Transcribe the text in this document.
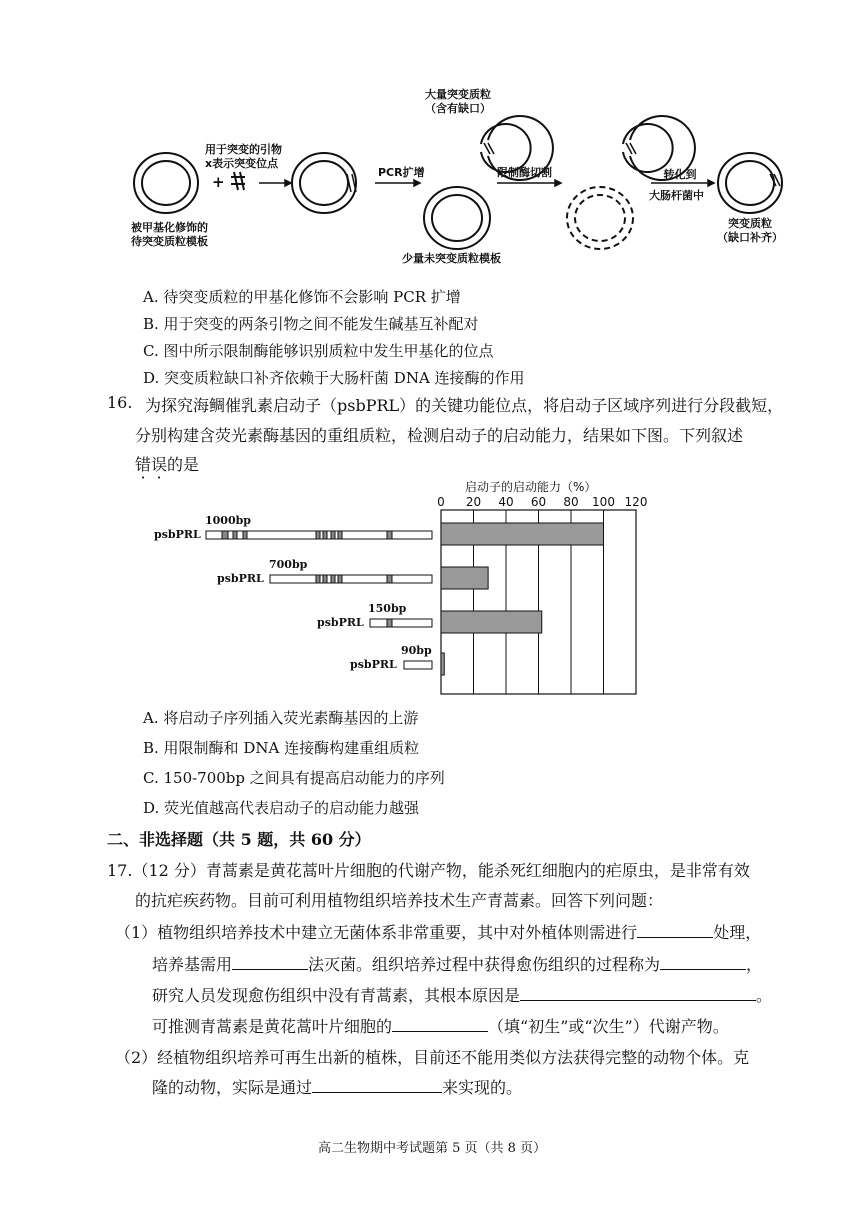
用于突变的引物
x表示突变位点
+
被甲基化修饰的
待突变质粒模板
PCR扩增
大量突变质粒
（含有缺口）
少量未突变质粒模板
限制酶切割	转化到
大肠杆菌中
突变质粒
（缺口补齐）
A. 待突变质粒的甲基化修饰不会影响 PCR 扩增
B. 用于突变的两条引物之间不能发生碱基互补配对
C. 图中所示限制酶能够识别质粒中发生甲基化的位点
D. 突变质粒缺口补齐依赖于大肠杆菌 DNA 连接酶的作用
16. 为探究海鲷催乳素启动子（psbPRL）的关键功能位点，将启动子区域序列进行分段截短，
分别构建含荧光素酶基因的重组质粒，检测启动子的启动能力，结果如下图。下列叙述
错误的是
启动子的启动能力（%）
0 20 40 60 80 100 120
1000bp
700bp
150bp
90bp
psbPRL
psbPRL
psbPRL
psbPRL
A. 将启动子序列插入荧光素酶基因的上游
B. 用限制酶和 DNA 连接酶构建重组质粒
C. 150-700bp 之间具有提高启动能力的序列
D. 荧光值越高代表启动子的启动能力越强
二、非选择题（共 5 题，共 60 分）
17.（12 分）青蒿素是黄花蒿叶片细胞的代谢产物，能杀死红细胞内的疟原虫，是非常有效
的抗疟疾药物。目前可利用植物组织培养技术生产青蒿素。回答下列问题：
（1）植物组织培养技术中建立无菌体系非常重要，其中对外植体则需进行	处理，
培养基需用	法灭菌。组织培养过程中获得愈伤组织的过程称为	，
研究人员发现愈伤组织中没有青蒿素，其根本原因是	。
可推测青蒿素是黄花蒿叶片细胞的	（填“初生”或“次生”）代谢产物。
（2）经植物组织培养可再生出新的植株，目前还不能用类似方法获得完整的动物个体。克
隆的动物，实际是通过	来实现的。
高二生物期中考试题第 5 页（共 8 页）
